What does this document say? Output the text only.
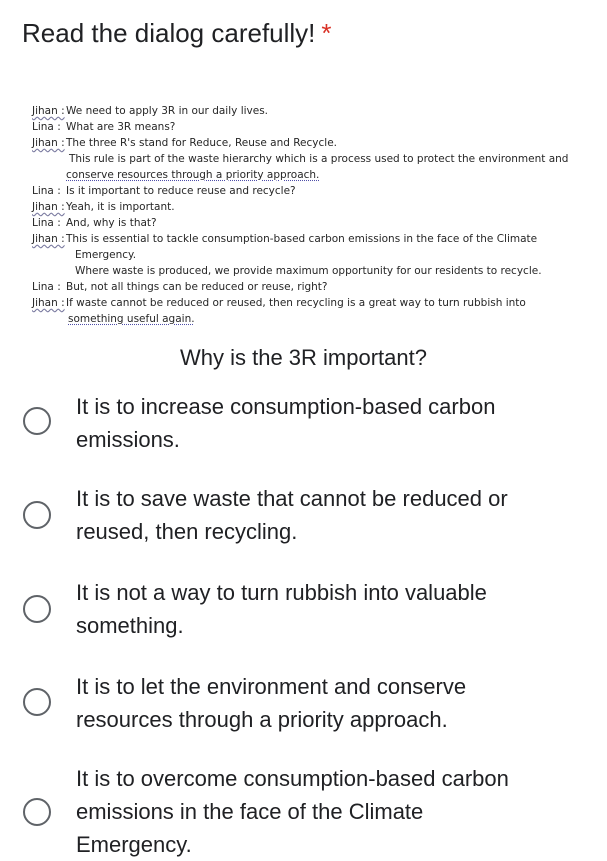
Read the dialog carefully! *
Jihan :We need to apply 3R in our daily lives.
Lina : What are 3R means?
Jihan :The three R's stand for Reduce, Reuse and Recycle.
This rule is part of the waste hierarchy which is a process used to protect the environment and
conserve resources through a priority approach.
Lina : Is it important to reduce reuse and recycle?
Jihan :Yeah, it is important.
Lina : And, why is that?
Jihan :This is essential to tackle consumption-based carbon emissions in the face of the Climate
Emergency.
Where waste is produced, we provide maximum opportunity for our residents to recycle.
Lina : But, not all things can be reduced or reuse, right?
Jihan :If waste cannot be reduced or reused, then recycling is a great way to turn rubbish into
something useful again.
Why is the 3R important?
It is to increase consumption-based carbon
emissions.
It is to save waste that cannot be reduced or
reused, then recycling.
It is not a way to turn rubbish into valuable
something.
It is to let the environment and conserve
resources through a priority approach.
It is to overcome consumption-based carbon
emissions in the face of the Climate
Emergency.
